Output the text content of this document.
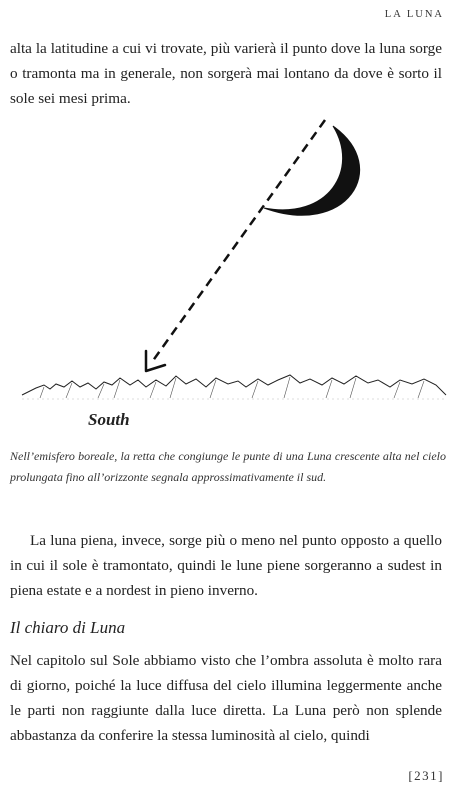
LA LUNA

alta la latitudine a cui vi trovate, più varierà il punto dove la luna sorge o tramonta ma in generale, non sorgerà mai lontano da dove è sorto il sole sei mesi prima.

South

Nell’emisfero boreale, la retta che congiunge le punte di una Luna crescente alta nel cielo prolungata fino all’orizzonte segnala approssimativamente il sud.

La luna piena, invece, sorge più o meno nel punto opposto a quello in cui il sole è tramontato, quindi le lune piene sorgeranno a sudest in piena estate e a nordest in pieno inverno.

Il chiaro di Luna

Nel capitolo sul Sole abbiamo visto che l’ombra assoluta è molto rara di giorno, poiché la luce diffusa del cielo illumina leggermente anche le parti non raggiunte dalla luce diretta. La Luna però non splende abbastanza da conferire la stessa luminosità al cielo, quindi

[231]
